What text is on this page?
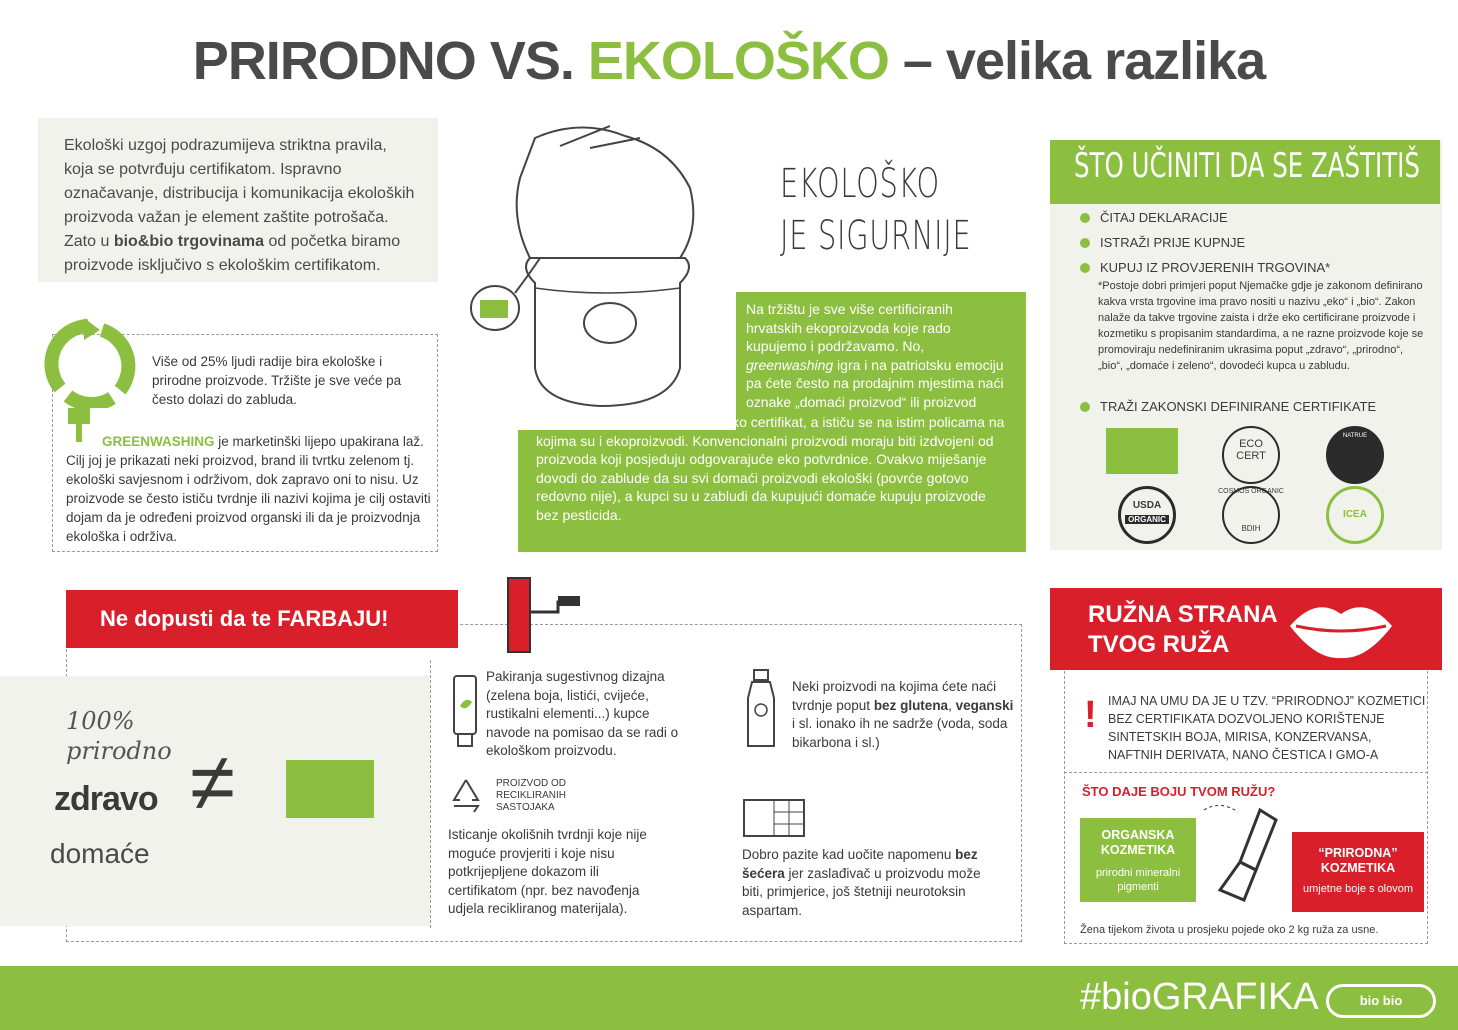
PRIRODNO VS. EKOLOŠKO – velika razlika
Ekološki uzgoj podrazumijeva striktna pravila, koja se potvrđuju certifikatom. Ispravno označavanje, distribucija i komunikacija ekoloških proizvoda važan je element zaštite potrošača. Zato u bio&bio trgovinama od početka biramo proizvode isključivo s ekološkim certifikatom.
Više od 25% ljudi radije bira ekološke i prirodne proizvode. Tržište je sve veće pa često dolazi do zabluda.
GREENWASHING je marketinški lijepo upakirana laž. Cilj joj je prikazati neki proizvod, brand ili tvrtku zelenom tj. ekološki savjesnom i održivom, dok zapravo oni to nisu. Uz proizvode se često ističu tvrdnje ili nazivi kojima je cilj ostaviti dojam da je određeni proizvod organski ili da je proizvodnja ekološka i održiva.
EKOLOŠKO
JE SIGURNIJE
Na tržištu je sve više certificiranih hrvatskih ekoproizvoda koje rado kupujemo i podržavamo. No, greenwashing igra i na patriotsku emociju pa ćete često na prodajnim mjestima naći oznake „domaći proizvod“ ili proizvod
domaćeg OPG-a. Oni nemaju eko certifikat, a ističu se na istim policama na kojima su i ekoproizvodi. Konvencionalni proizvodi moraju biti izdvojeni od proizvoda koji posjeduju odgovarajuće eko potvrdnice. Ovakvo miješanje dovodi do zablude da su svi domaći proizvodi ekološki (povrće gotovo redovno nije), a kupci su u zabludi da kupujući domaće kupuju proizvode bez pesticida.
ŠTO UČINITI DA SE ZAŠTITIŠ
ČITAJ DEKLARACIJE
ISTRAŽI PRIJE KUPNJE
KUPUJ IZ PROVJERENIH TRGOVINA*
*Postoje dobri primjeri poput Njemačke gdje je zakonom definirano kakva vrsta trgovine ima pravo nositi u nazivu „eko“ i „bio“. Zakon nalaže da takve trgovine zaista i drže eko certificirane proizvode i kozmetiku s propisanim standardima, a ne razne proizvode koje se promoviraju nedefiniranim ukrasima poput „zdravo“, „prirodno“, „bio“, „domaće i zeleno“, dovodeći kupca u zabludu.
TRAŽI ZAKONSKI DEFINIRANE CERTIFIKATE
ECO CERT
COSMOS ORGANIC
NATRUE
USDA
ORGANIC
BDIH
ICEA
Ne dopusti da te FARBAJU!
100%
prirodno
zdravo
domaće
≠
Pakiranja sugestivnog dizajna (zelena boja, listići, cvijeće, rustikalni elementi...) kupce navode na pomisao da se radi o ekološkom proizvodu.
PROIZVOD OD RECIKLIRANIH SASTOJAKA
Isticanje okolišnih tvrdnji koje nije moguće provjeriti i koje nisu potkrijepljene dokazom ili certifikatom (npr. bez navođenja udjela recikliranog materijala).
Neki proizvodi na kojima ćete naći tvrdnje poput bez glutena, veganski i sl. ionako ih ne sadrže (voda, soda bikarbona i sl.)
Dobro pazite kad uočite napomenu bez šećera jer zaslađivač u proizvodu može biti, primjerice, još štetniji neurotoksin aspartam.
RUŽNA STRANA
TVOG RUŽA
! IMAJ NA UMU DA JE U TZV. “PRIRODNOJ” KOZMETICI BEZ CERTIFIKATA DOZVOLJENO KORIŠTENJE SINTETSKIH BOJA, MIRISA, KONZERVANSA, NAFTNIH DERIVATA, NANO ČESTICA I GMO-A
ŠTO DAJE BOJU TVOM RUŽU?
ORGANSKA KOZMETIKA
prirodni mineralni pigmenti
“PRIRODNA” KOZMETIKA
umjetne boje s olovom
Žena tijekom života u prosjeku pojede oko 2 kg ruža za usne.
#bioGRAFIKA	bio bio
